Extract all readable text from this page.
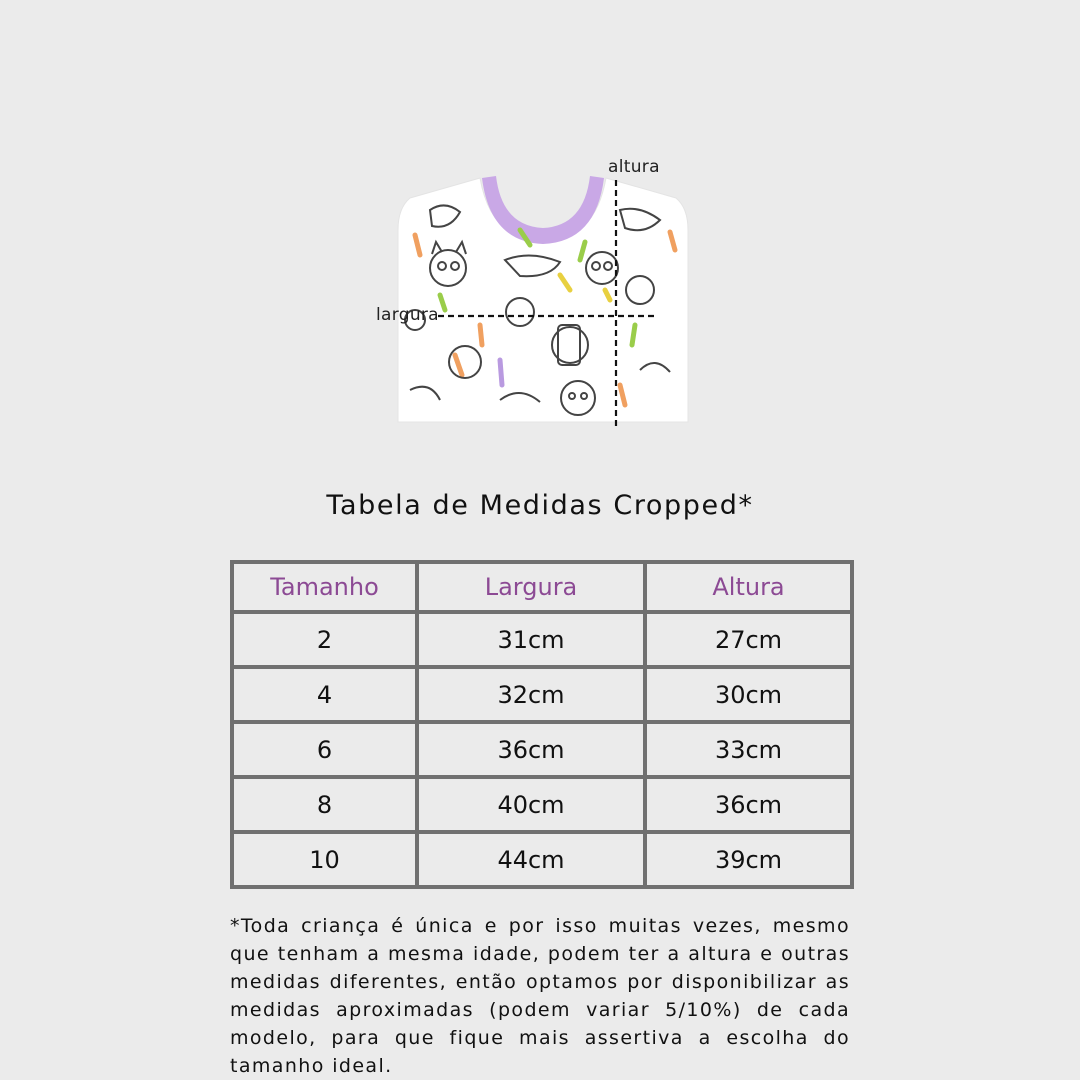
altura
largura
Tabela de Medidas Cropped*
Tamanho	Largura	Altura
2	31cm	27cm
4	32cm	30cm
6	36cm	33cm
8	40cm	36cm
10	44cm	39cm
*Toda criança é única e por isso muitas vezes, mesmo que tenham a mesma idade, podem ter a altura e outras medidas diferentes, então optamos por disponibilizar as medidas aproximadas (podem variar 5/10%) de cada modelo, para que fique mais assertiva a escolha do tamanho ideal.
